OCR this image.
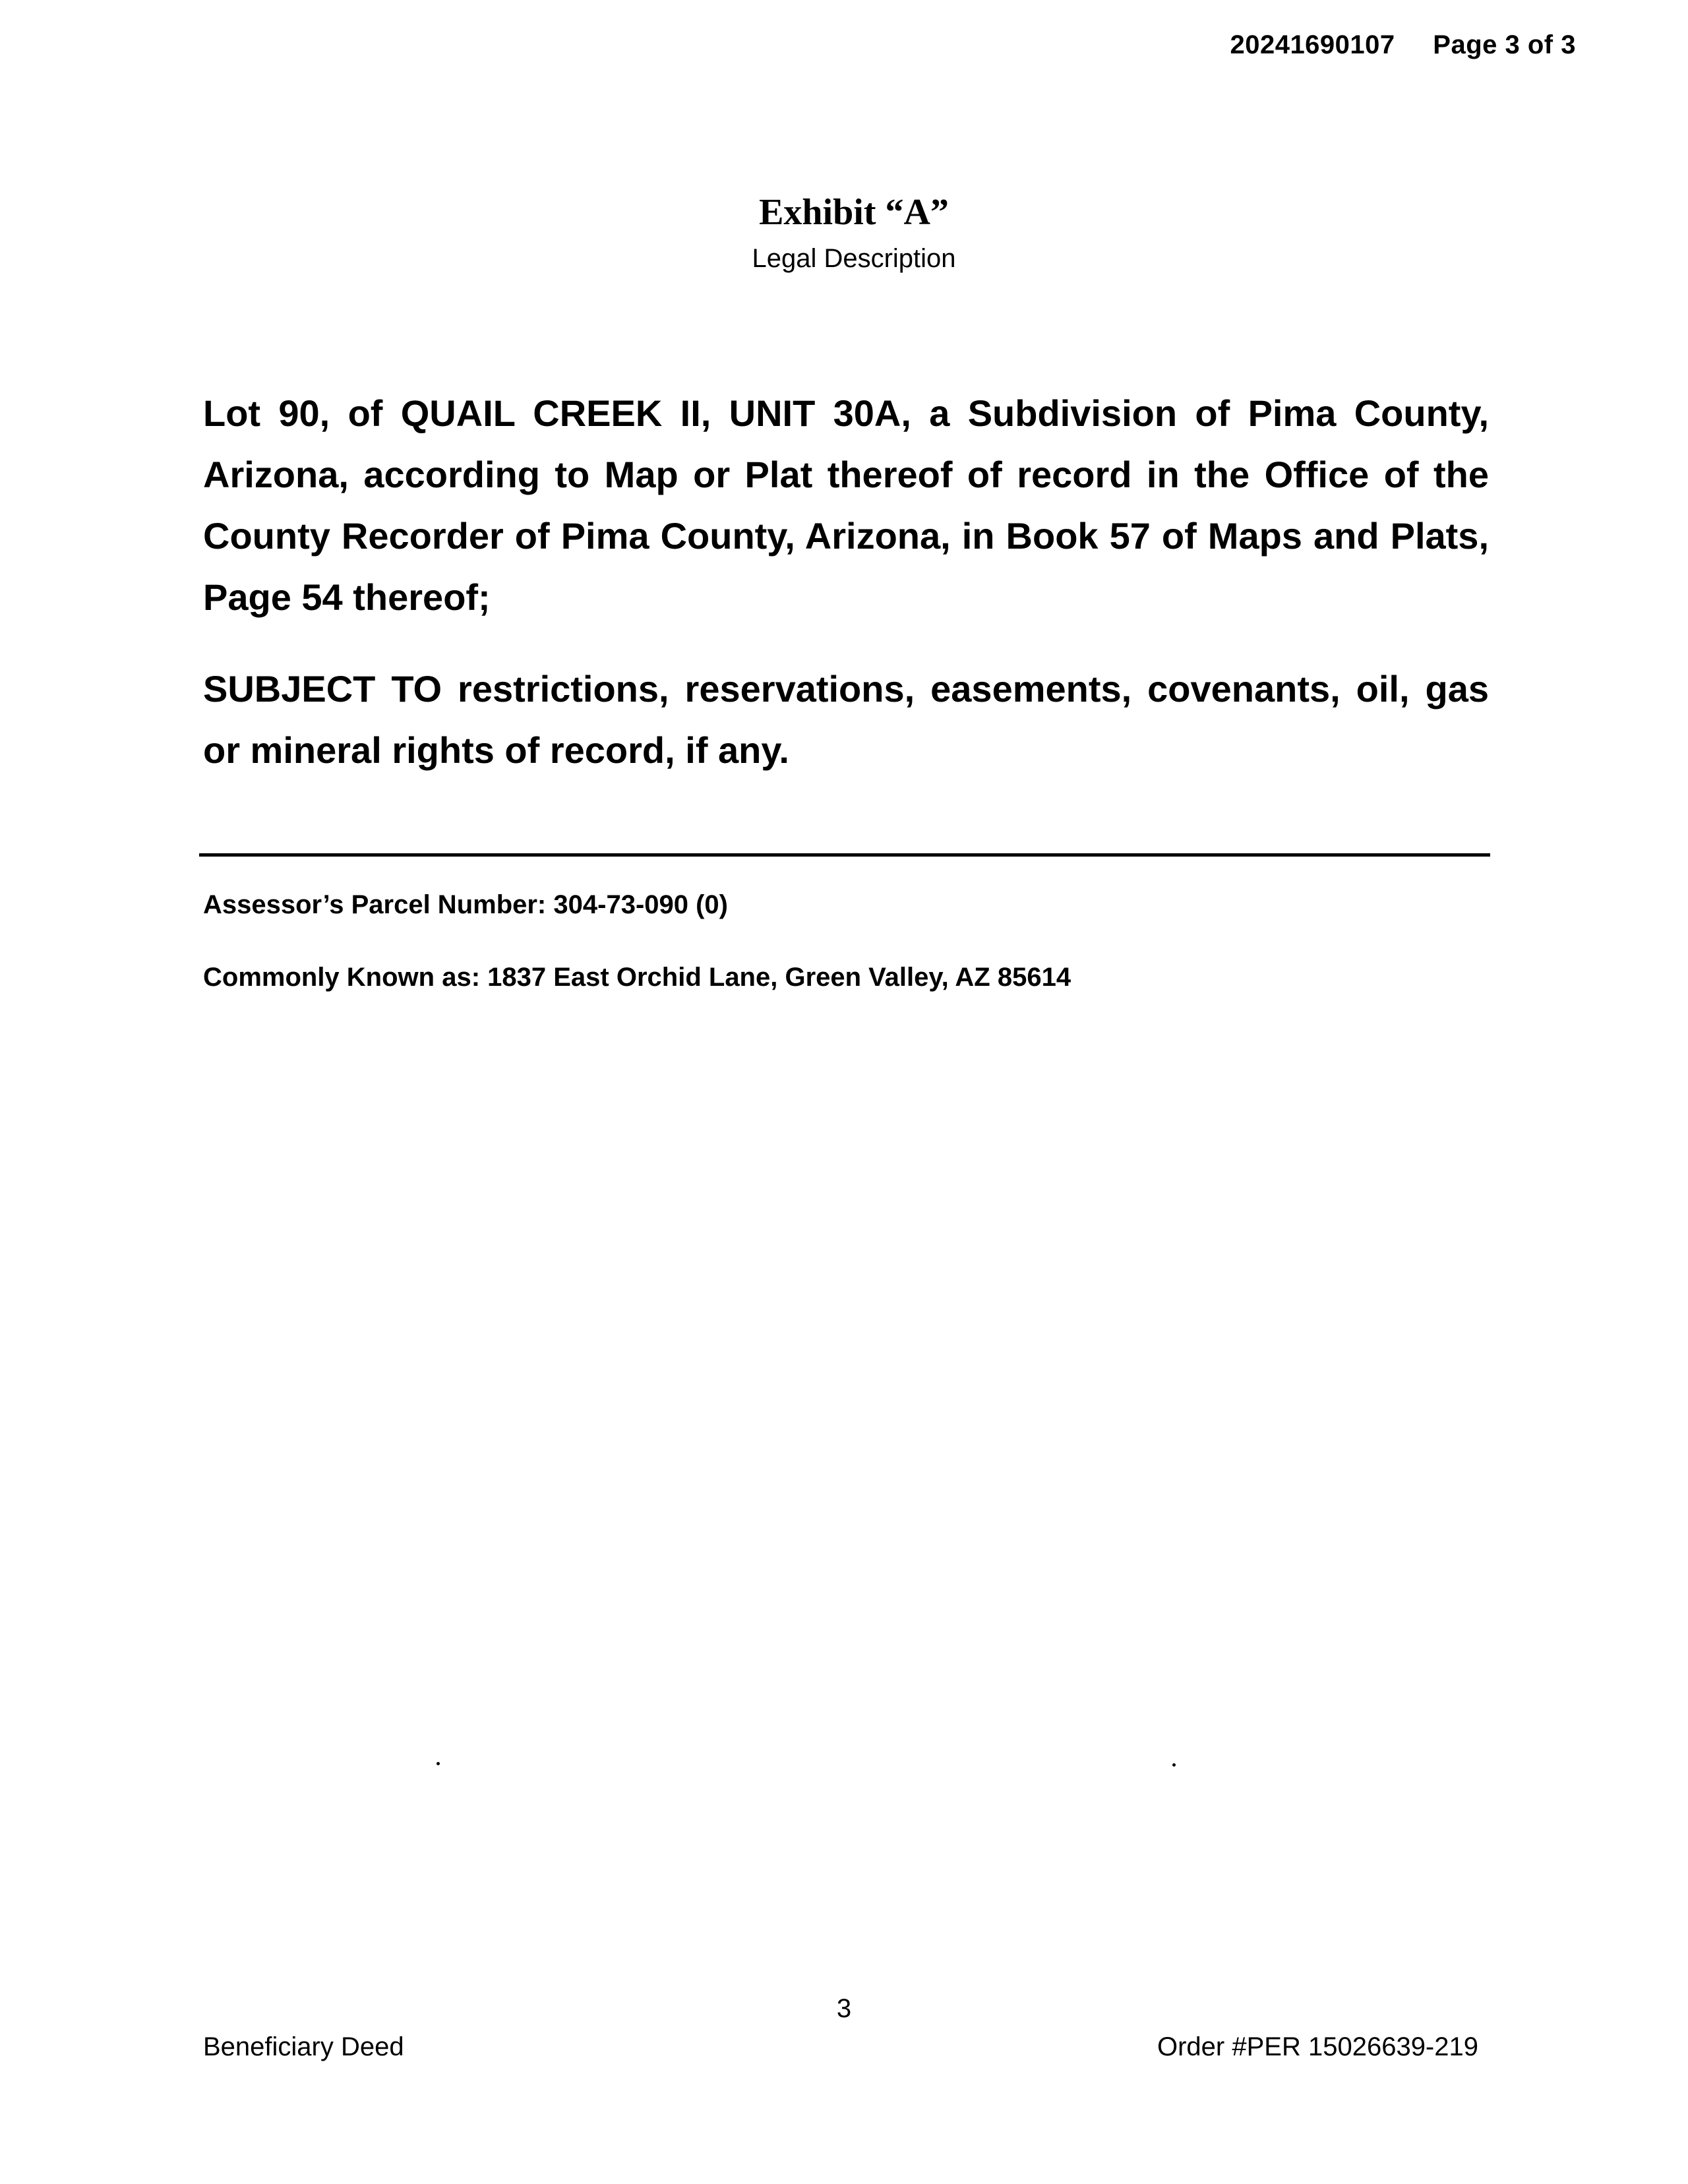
20241690107 Page 3 of 3
Exhibit “A”
Legal Description

Lot 90, of QUAIL CREEK II, UNIT 30A, a Subdivision of Pima County, Arizona, according to Map or Plat thereof of record in the Office of the County Recorder of Pima County, Arizona, in Book 57 of Maps and Plats, Page 54 thereof;

SUBJECT TO restrictions, reservations, easements, covenants, oil, gas or mineral rights of record, if any.

Assessor’s Parcel Number: 304-73-090 (0)
Commonly Known as: 1837 East Orchid Lane, Green Valley, AZ 85614
3
Beneficiary Deed	Order #PER 15026639-219
